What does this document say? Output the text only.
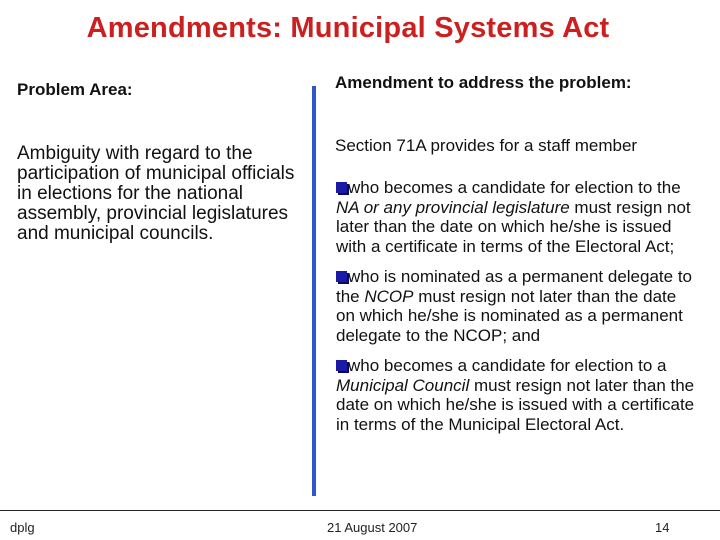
Amendments: Municipal Systems Act
Problem Area:
Ambiguity with regard to the participation of municipal officials in elections for the national assembly, provincial legislatures and municipal councils.
Amendment to address the problem:
Section 71A provides for a staff member
who becomes a candidate for election to the NA or any provincial legislature must resign not later than the date on which he/she is issued with a certificate in terms of the Electoral Act;
who is nominated as a permanent delegate to the NCOP must resign not later than the date on which he/she is nominated as a permanent delegate to the NCOP; and
who becomes a candidate for election to a Municipal Council must resign not later than the date on which he/she is issued with a certificate in terms of the Municipal Electoral Act.
dplg	21 August 2007	14
